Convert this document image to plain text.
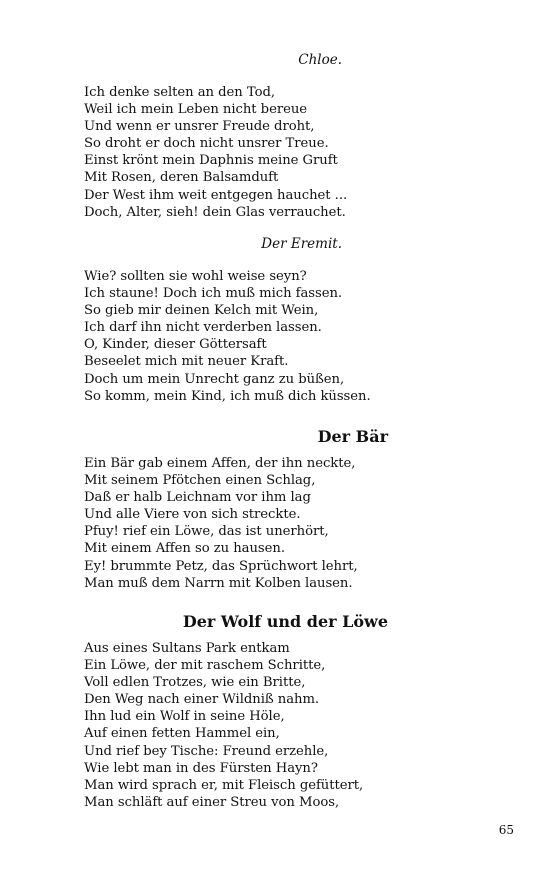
Chloe.

Ich denke selten an den Tod,
Weil ich mein Leben nicht bereue
Und wenn er unsrer Freude droht,
So droht er doch nicht unsrer Treue.
Einst krönt mein Daphnis meine Gruft
Mit Rosen, deren Balsamduft
Der West ihm weit entgegen hauchet ...
Doch, Alter, sieh! dein Glas verrauchet.

Der Eremit.

Wie? sollten sie wohl weise seyn?
Ich staune! Doch ich muß mich fassen.
So gieb mir deinen Kelch mit Wein,
Ich darf ihn nicht verderben lassen.
O, Kinder, dieser Göttersaft
Beseelet mich mit neuer Kraft.
Doch um mein Unrecht ganz zu büßen,
So komm, mein Kind, ich muß dich küssen.
Der Bär
Ein Bär gab einem Affen, der ihn neckte,
Mit seinem Pfötchen einen Schlag,
Daß er halb Leichnam vor ihm lag
Und alle Viere von sich streckte.
Pfuy! rief ein Löwe, das ist unerhört,
Mit einem Affen so zu hausen.
Ey! brummte Petz, das Sprüchwort lehrt,
Man muß dem Narrn mit Kolben lausen.
Der Wolf und der Löwe
Aus eines Sultans Park entkam
Ein Löwe, der mit raschem Schritte,
Voll edlen Trotzes, wie ein Britte,
Den Weg nach einer Wildniß nahm.
Ihn lud ein Wolf in seine Höle,
Auf einen fetten Hammel ein,
Und rief bey Tische: Freund erzehle,
Wie lebt man in des Fürsten Hayn?
Man wird sprach er, mit Fleisch gefüttert,
Man schläft auf einer Streu von Moos,
65
